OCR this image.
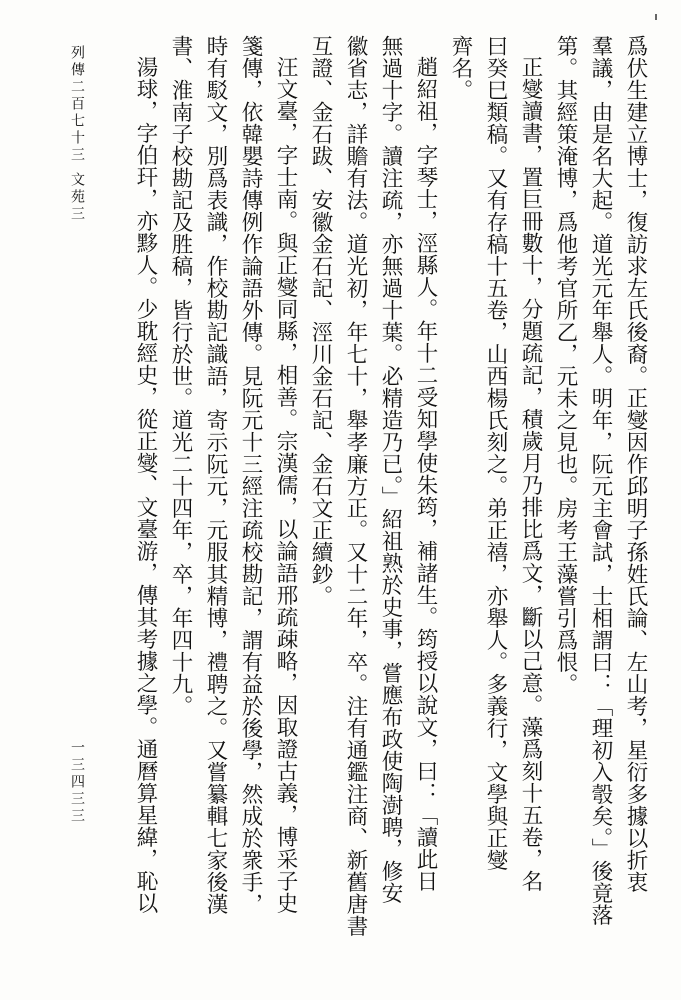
爲伏生建立博士，復訪求左氏後裔。正燮因作邱明子孫姓氏論、左山考，星衍多據以折衷
羣議，由是名大起。道光元年舉人。明年，阮元主會試，士相謂曰：「理初入彀矣。」後竟落
第。其經策淹博，爲他考官所乙，元未之見也。房考王藻嘗引爲恨。
正燮讀書，置巨冊數十，分題疏記，積歲月乃排比爲文，斷以己意。藻爲刻十五卷，名
曰癸巳類稿。又有存稿十五卷，山西楊氏刻之。弟正禧，亦舉人。多義行，文學與正燮
齊名。
趙紹祖，字琴士，涇縣人。年十二受知學使朱筠，補諸生。筠授以說文，曰：「讀此日
無過十字。讀注疏，亦無過十葉。必精造乃已。」紹祖熟於史事，嘗應布政使陶澍聘，修安
徽省志，詳贍有法。道光初，年七十，舉孝廉方正。又十二年，卒。注有通鑑注商、新舊唐書
互證、金石跋、安徽金石記、涇川金石記、金石文正續鈔。
汪文臺，字士南。與正燮同縣，相善。宗漢儒，以論語邢疏疎略，因取證古義，博采子史
箋傳，依韓嬰詩傳例作論語外傳。見阮元十三經注疏校勘記，謂有益於後學，然成於衆手，
時有駁文，別爲表識，作校勘記識語，寄示阮元，元服其精博，禮聘之。又嘗纂輯七家後漢
書、淮南子校勘記及胜稿，皆行於世。道光二十四年，卒，年四十九。
湯球，字伯玕，亦黟人。少耽經史，從正燮、文臺游，傳其考據之學。通曆算星緯，恥以
列傳二百七十三
文苑三
一三四三三
